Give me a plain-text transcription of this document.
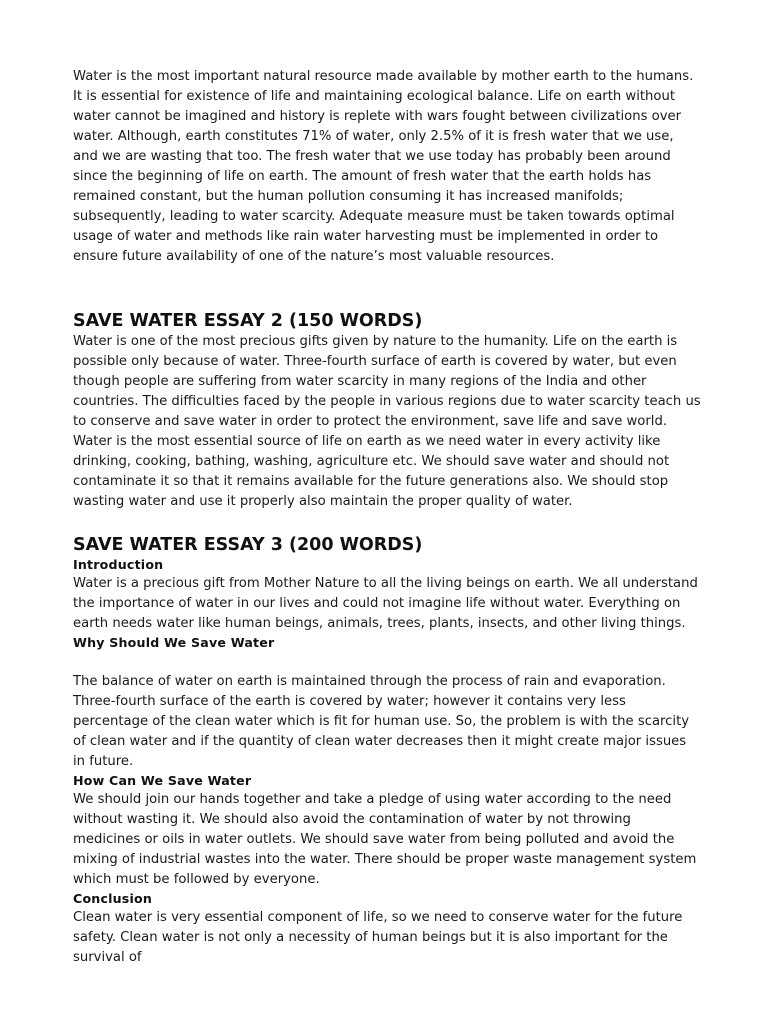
Water is the most important natural resource made available by mother earth to the humans. It is essential for existence of life and maintaining ecological balance. Life on earth without water cannot be imagined and history is replete with wars fought between civilizations over water. Although, earth constitutes 71% of water, only 2.5% of it is fresh water that we use, and we are wasting that too. The fresh water that we use today has probably been around since the beginning of life on earth. The amount of fresh water that the earth holds has remained constant, but the human pollution consuming it has increased manifolds; subsequently, leading to water scarcity. Adequate measure must be taken towards optimal usage of water and methods like rain water harvesting must be implemented in order to ensure future availability of one of the nature’s most valuable resources.

SAVE WATER ESSAY 2 (150 WORDS)

Water is one of the most precious gifts given by nature to the humanity. Life on the earth is possible only because of water. Three-fourth surface of earth is covered by water, but even though people are suffering from water scarcity in many regions of the India and other countries. The difficulties faced by the people in various regions due to water scarcity teach us to conserve and save water in order to protect the environment, save life and save world.

Water is the most essential source of life on earth as we need water in every activity like drinking, cooking, bathing, washing, agriculture etc. We should save water and should not contaminate it so that it remains available for the future generations also. We should stop wasting water and use it properly also maintain the proper quality of water.

SAVE WATER ESSAY 3 (200 WORDS)
Introduction

Water is a precious gift from Mother Nature to all the living beings on earth. We all understand the importance of water in our lives and could not imagine life without water. Everything on earth needs water like human beings, animals, trees, plants, insects, and other living things.

Why Should We Save Water

The balance of water on earth is maintained through the process of rain and evaporation. Three-fourth surface of the earth is covered by water; however it contains very less percentage of the clean water which is fit for human use. So, the problem is with the scarcity of clean water and if the quantity of clean water decreases then it might create major issues in future.

How Can We Save Water

We should join our hands together and take a pledge of using water according to the need without wasting it. We should also avoid the contamination of water by not throwing medicines or oils in water outlets. We should save water from being polluted and avoid the mixing of industrial wastes into the water. There should be proper waste management system which must be followed by everyone.

Conclusion

Clean water is very essential component of life, so we need to conserve water for the future safety. Clean water is not only a necessity of human beings but it is also important for the survival of
